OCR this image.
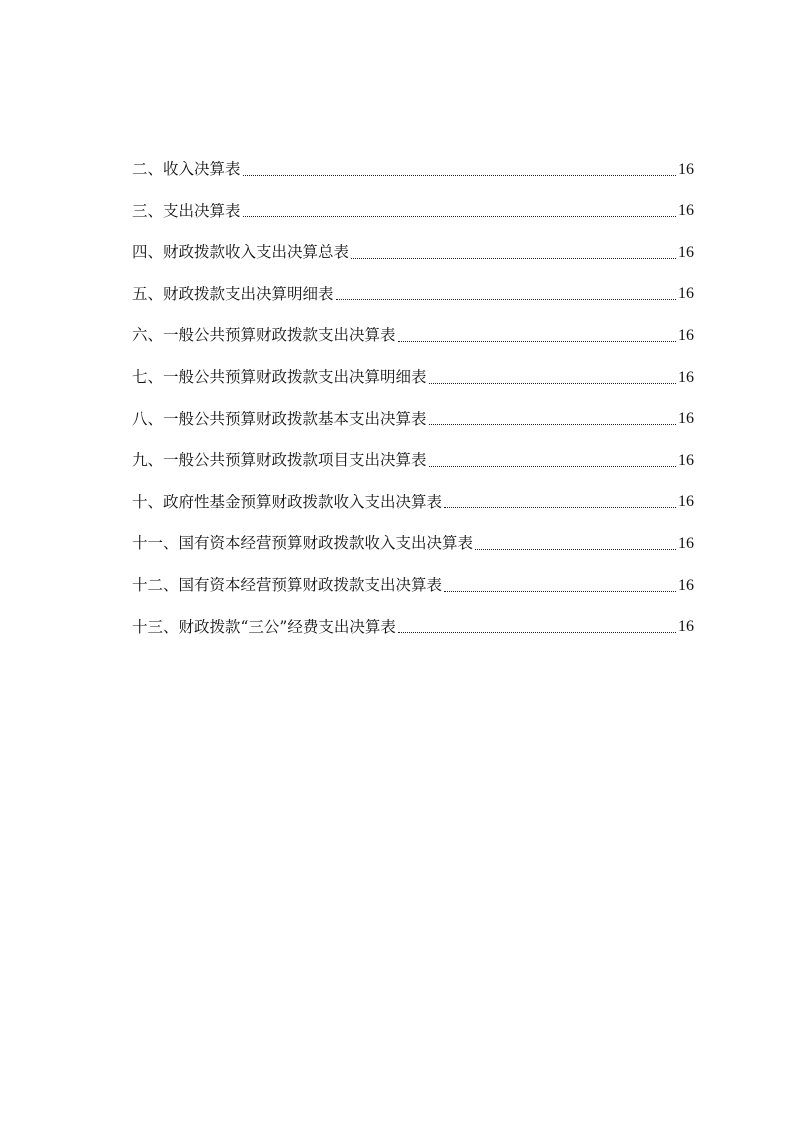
二、收入决算表	16
三、支出决算表	16
四、财政拨款收入支出决算总表	16
五、财政拨款支出决算明细表	16
六、一般公共预算财政拨款支出决算表	16
七、一般公共预算财政拨款支出决算明细表	16
八、一般公共预算财政拨款基本支出决算表	16
九、一般公共预算财政拨款项目支出决算表	16
十、政府性基金预算财政拨款收入支出决算表	16
十一、国有资本经营预算财政拨款收入支出决算表	16
十二、国有资本经营预算财政拨款支出决算表	16
十三、财政拨款“三公”经费支出决算表	16
